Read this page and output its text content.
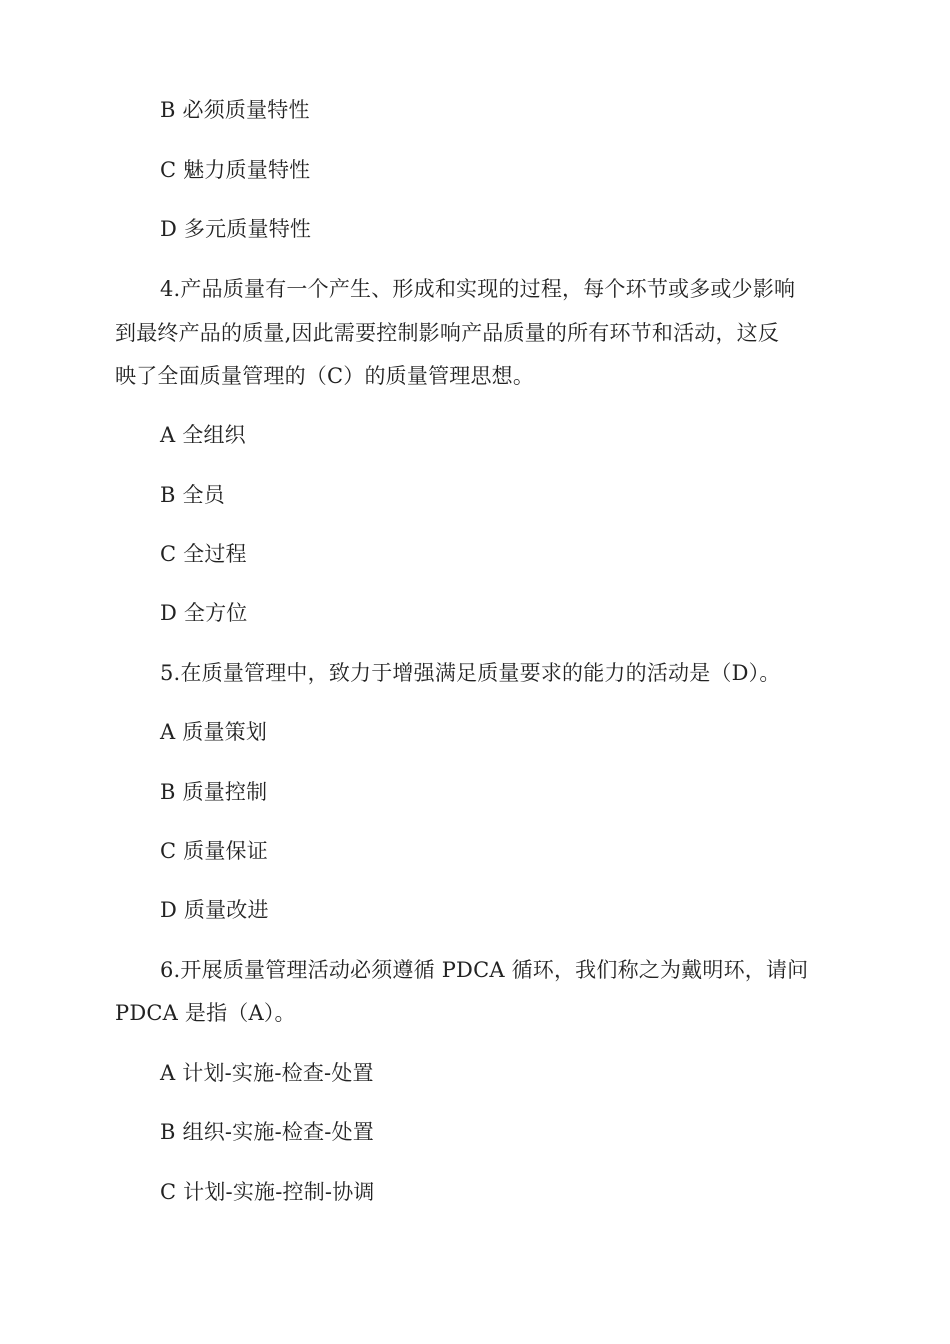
B 必须质量特性
C 魅力质量特性
D 多元质量特性
4.产品质量有一个产生、形成和实现的过程，每个环节或多或少影响
到最终产品的质量,因此需要控制影响产品质量的所有环节和活动，这反
映了全面质量管理的（C）的质量管理思想。
A 全组织
B 全员
C 全过程
D 全方位
5.在质量管理中，致力于增强满足质量要求的能力的活动是（D）。
A 质量策划
B 质量控制
C 质量保证
D 质量改进
6.开展质量管理活动必须遵循 PDCA 循环，我们称之为戴明环，请问
PDCA 是指（A）。
A 计划-实施-检查-处置
B 组织-实施-检查-处置
C 计划-实施-控制-协调
